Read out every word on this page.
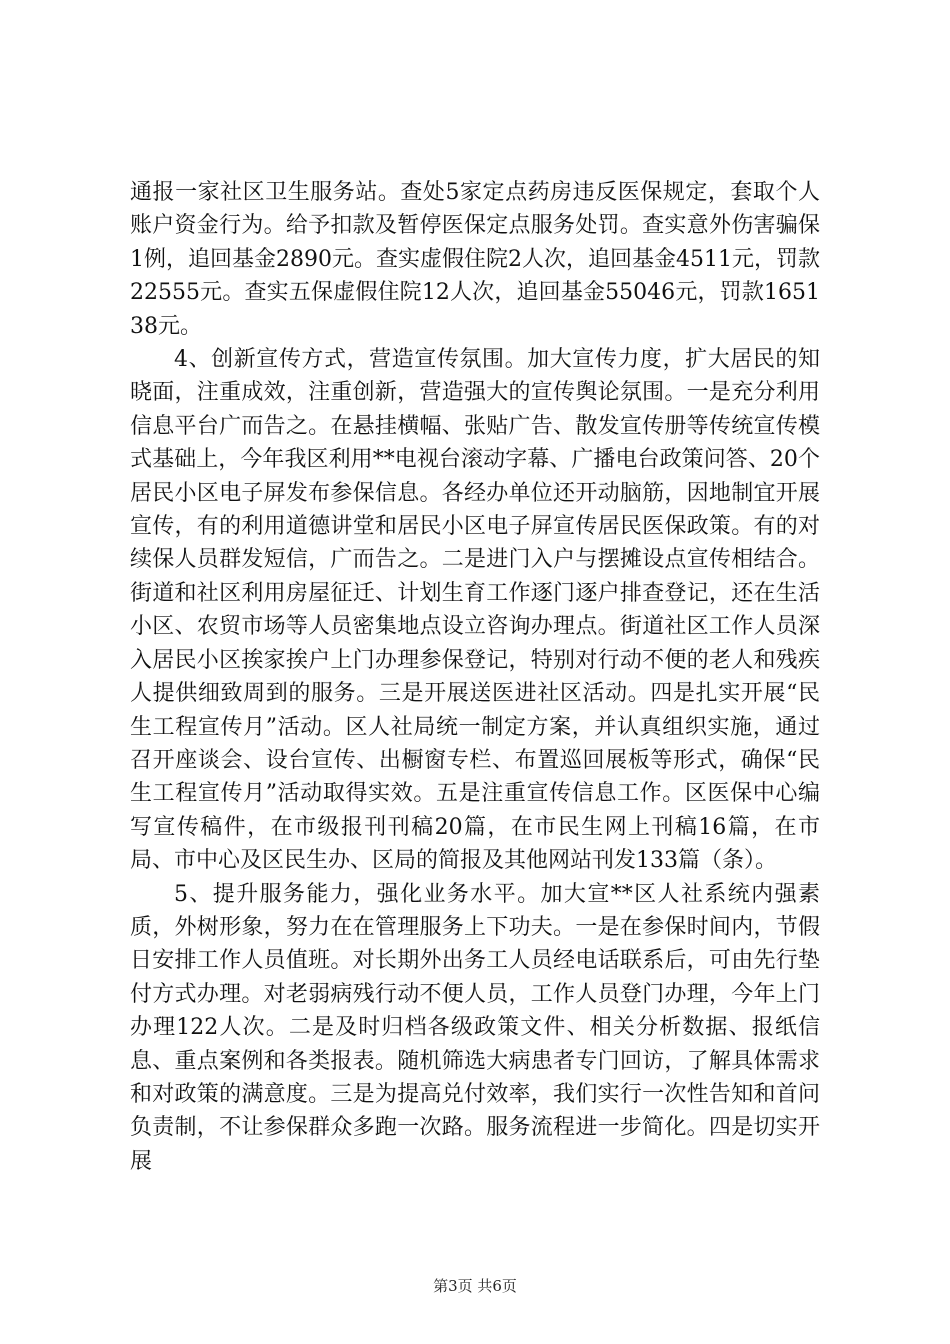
通报一家社区卫生服务站。查处5家定点药房违反医保规定，套取个人账户资金行为。给予扣款及暂停医保定点服务处罚。查实意外伤害骗保1例，追回基金2890元。查实虚假住院2人次，追回基金4511元，罚款22555元。查实五保虚假住院12人次，追回基金55046元，罚款165138元。

4、创新宣传方式，营造宣传氛围。加大宣传力度，扩大居民的知晓面，注重成效，注重创新，营造强大的宣传舆论氛围。一是充分利用信息平台广而告之。在悬挂横幅、张贴广告、散发宣传册等传统宣传模式基础上，今年我区利用**电视台滚动字幕、广播电台政策问答、20个居民小区电子屏发布参保信息。各经办单位还开动脑筋，因地制宜开展宣传，有的利用道德讲堂和居民小区电子屏宣传居民医保政策。有的对续保人员群发短信，广而告之。二是进门入户与摆摊设点宣传相结合。街道和社区利用房屋征迁、计划生育工作逐门逐户排查登记，还在生活小区、农贸市场等人员密集地点设立咨询办理点。街道社区工作人员深入居民小区挨家挨户上门办理参保登记，特别对行动不便的老人和残疾人提供细致周到的服务。三是开展送医进社区活动。四是扎实开展“民生工程宣传月”活动。区人社局统一制定方案，并认真组织实施，通过召开座谈会、设台宣传、出橱窗专栏、布置巡回展板等形式，确保“民生工程宣传月”活动取得实效。五是注重宣传信息工作。区医保中心编写宣传稿件，在市级报刊刊稿20篇，在市民生网上刊稿16篇，在市局、市中心及区民生办、区局的简报及其他网站刊发133篇（条）。

5、提升服务能力，强化业务水平。加大宣**区人社系统内强素质，外树形象，努力在在管理服务上下功夫。一是在参保时间内，节假日安排工作人员值班。对长期外出务工人员经电话联系后，可由先行垫付方式办理。对老弱病残行动不便人员，工作人员登门办理，今年上门办理122人次。二是及时归档各级政策文件、相关分析数据、报纸信息、重点案例和各类报表。随机筛选大病患者专门回访，了解具体需求和对政策的满意度。三是为提高兑付效率，我们实行一次性告知和首问负责制，不让参保群众多跑一次路。服务流程进一步简化。四是切实开展

第3页 共6页
